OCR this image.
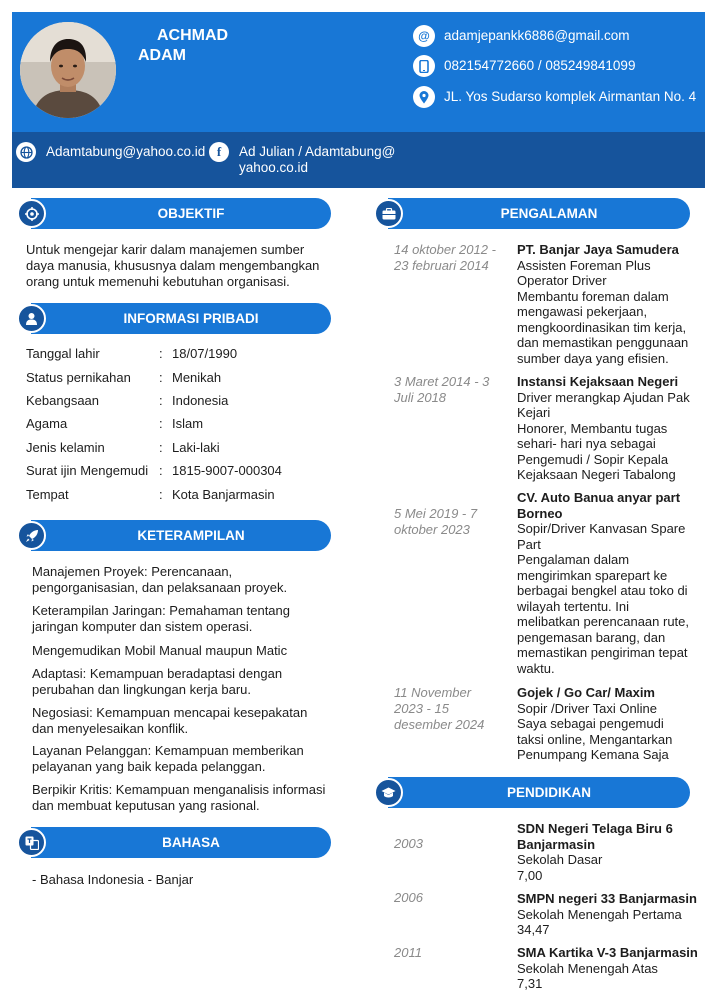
ACHMAD
ADAM
@	adamjepankk6886@gmail.com
082154772660 / 085249841099
JL. Yos Sudarso komplek Airmantan No. 4
Adamtabung@yahoo.co.id f	Ad Julian / Adamtabung@
yahoo.co.id
OBJEKTIF
Untuk mengejar karir dalam manajemen sumber
daya manusia, khususnya dalam mengembangkan
orang untuk memenuhi kebutuhan organisasi.
INFORMASI PRIBADI
Tanggal lahir	: 18/07/1990
Status pernikahan : Menikah
Kebangsaan	: Indonesia
Agama	: Islam
Jenis kelamin	: Laki-laki
Surat ijin Mengemudi : 1815-9007-000304
Tempat	: Kota Banjarmasin
KETERAMPILAN
Manajemen Proyek: Perencanaan,
pengorganisasian, dan pelaksanaan proyek.
Keterampilan Jaringan: Pemahaman tentang
jaringan komputer dan sistem operasi.
Mengemudikan Mobil Manual maupun Matic
Adaptasi: Kemampuan beradaptasi dengan
perubahan dan lingkungan kerja baru.
Negosiasi: Kemampuan mencapai kesepakatan
dan menyelesaikan konflik.
Layanan Pelanggan: Kemampuan memberikan
pelayanan yang baik kepada pelanggan.
Berpikir Kritis: Kemampuan menganalisis informasi
dan membuat keputusan yang rasional.
BAHASA
- Bahasa Indonesia - Banjar
PENGALAMAN
14 oktober 2012 -
23 februari 2014
PT. Banjar Jaya Samudera
Assisten Foreman Plus
Operator Driver
Membantu foreman dalam
mengawasi pekerjaan,
mengkoordinasikan tim kerja,
dan memastikan penggunaan
sumber daya yang efisien.
3 Maret 2014 - 3
Juli 2018
Instansi Kejaksaan Negeri
Driver merangkap Ajudan Pak
Kejari
Honorer, Membantu tugas
sehari- hari nya sebagai
Pengemudi / Sopir Kepala
Kejaksaan Negeri Tabalong
5 Mei 2019 - 7
oktober 2023
CV. Auto Banua anyar part
Borneo
Sopir/Driver Kanvasan Spare
Part
Pengalaman dalam
mengirimkan sparepart ke
berbagai bengkel atau toko di
wilayah tertentu. Ini
melibatkan perencanaan rute,
pengemasan barang, dan
memastikan pengiriman tepat
waktu.
11 November
2023 - 15
desember 2024
Gojek / Go Car/ Maxim
Sopir /Driver Taxi Online
Saya sebagai pengemudi
taksi online, Mengantarkan
Penumpang Kemana Saja
PENDIDIKAN
2003
SDN Negeri Telaga Biru 6
Banjarmasin
Sekolah Dasar
7,00
2006	SMPN negeri 33 Banjarmasin
Sekolah Menengah Pertama
34,47
2011	SMA Kartika V-3 Banjarmasin
Sekolah Menengah Atas
7,31
